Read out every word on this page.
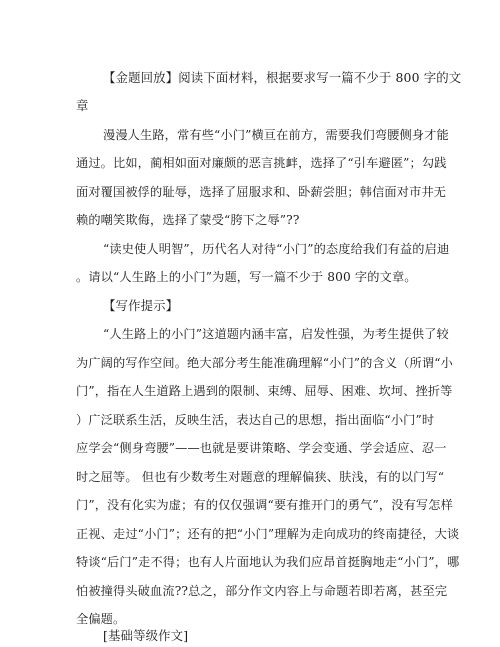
【金题回放】阅读下面材料，根据要求写一篇不少于 800 字的文
章
漫漫人生路，常有些“小门”横亘在前方，需要我们弯腰侧身才能
通过。比如，蔺相如面对廉颇的恶言挑衅，选择了“引车避匿”；勾践
面对覆国被俘的耻辱，选择了屈服求和、卧薪尝胆；韩信面对市井无
赖的嘲笑欺侮，选择了蒙受“胯下之辱”??
“读史使人明智”，历代名人对待“小门”的态度给我们有益的启迪
。请以“人生路上的小门”为题，写一篇不少于 800 字的文章。
【写作提示】
“人生路上的小门”这道题内涵丰富，启发性强，为考生提供了较
为广阔的写作空间。绝大部分考生能准确理解“小门”的含义（所谓“小
门”，指在人生道路上遇到的限制、束缚、屈辱、困难、坎坷、挫折等
）广泛联系生活，反映生活，表达自己的思想，指出面临“小门”时
应学会“侧身弯腰”——也就是要讲策略、学会变通、学会适应、忍一
时之屈等。 但也有少数考生对题意的理解偏狭、肤浅，有的以门写“
门”，没有化实为虚；有的仅仅强调“要有推开门的勇气”，没有写怎样
正视、走过“小门”；还有的把“小门”理解为走向成功的终南捷径，大谈
特谈“后门”走不得；也有人片面地认为我们应昂首挺胸地走“小门”，哪
怕被撞得头破血流??总之，部分作文内容上与命题若即若离，甚至完
全偏题。
[基础等级作文]
